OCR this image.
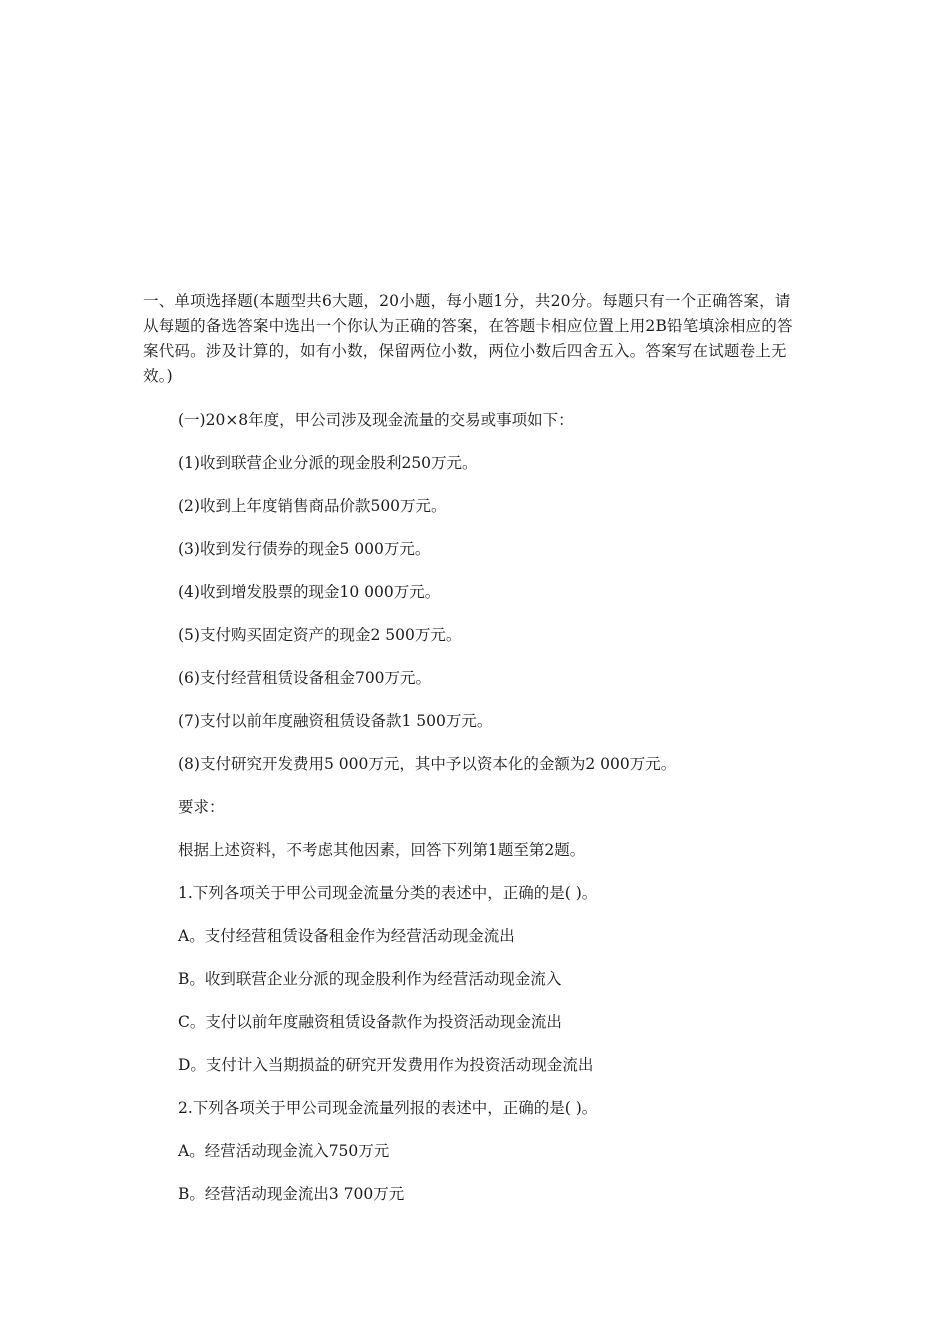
一、单项选择题(本题型共6大题，20小题，每小题1分，共20分。每题只有一个正确答案，请从每题的备选答案中选出一个你认为正确的答案，在答题卡相应位置上用2B铅笔填涂相应的答案代码。涉及计算的，如有小数，保留两位小数，两位小数后四舍五入。答案写在试题卷上无效。)

(一)20×8年度，甲公司涉及现金流量的交易或事项如下：

(1)收到联营企业分派的现金股利250万元。

(2)收到上年度销售商品价款500万元。

(3)收到发行债券的现金5 000万元。

(4)收到增发股票的现金10 000万元。

(5)支付购买固定资产的现金2 500万元。

(6)支付经营租赁设备租金700万元。

(7)支付以前年度融资租赁设备款1 500万元。

(8)支付研究开发费用5 000万元，其中予以资本化的金额为2 000万元。

要求：

根据上述资料，不考虑其他因素，回答下列第1题至第2题。

1.下列各项关于甲公司现金流量分类的表述中，正确的是( )。

A。支付经营租赁设备租金作为经营活动现金流出

B。收到联营企业分派的现金股利作为经营活动现金流入

C。支付以前年度融资租赁设备款作为投资活动现金流出

D。支付计入当期损益的研究开发费用作为投资活动现金流出

2.下列各项关于甲公司现金流量列报的表述中，正确的是( )。

A。经营活动现金流入750万元

B。经营活动现金流出3 700万元
